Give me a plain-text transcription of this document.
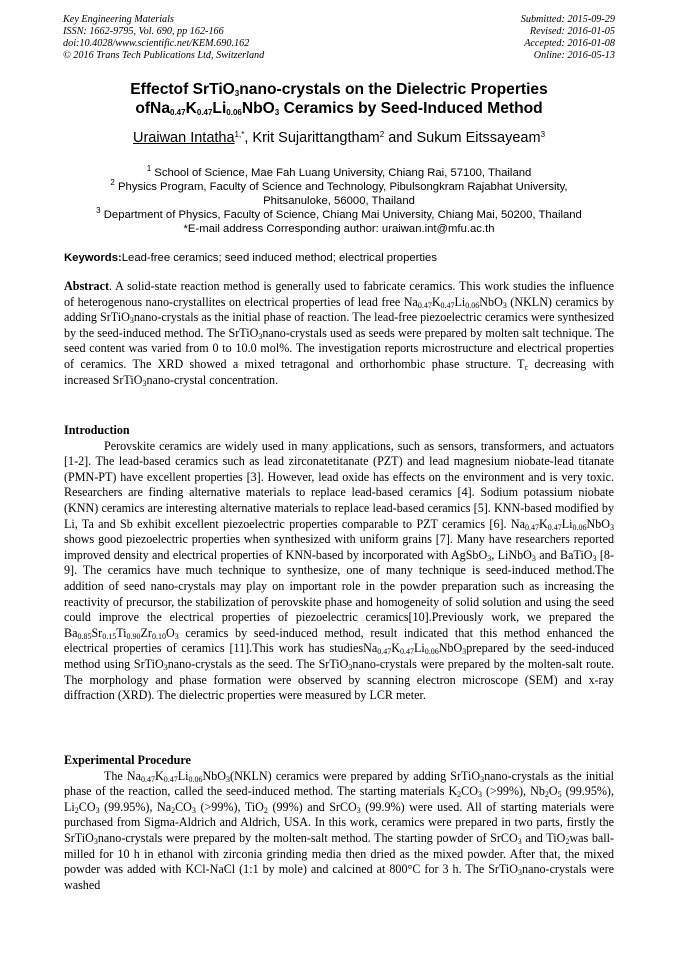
Key Engineering Materials
ISSN: 1662-9795, Vol. 690, pp 162-166
doi:10.4028/www.scientific.net/KEM.690.162
© 2016 Trans Tech Publications Ltd, Switzerland
Submitted: 2015-09-29
Revised: 2016-01-05
Accepted: 2016-01-08
Online: 2016-05-13
Effectof SrTiO$_3$nano-crystals on the Dielectric Properties
$ofNa_{0.47}K_{0.47}Li_{0.06}NbO_3$ Ceramics by Seed-Induced Method
Uraiwan Intatha$^{1,*}$, Krit Sujarittangtham$^2$ and Sukum Eitssayeam$^3$
$^1$ School of Science, Mae Fah Luang University, Chiang Rai, 57100, Thailand
$^2$ Physics Program, Faculty of Science and Technology, Pibulsongkram Rajabhat University,
Phitsanuloke, 56000, Thailand
$^3$ Department of Physics, Faculty of Science, Chiang Mai University, Chiang Mai, 50200, Thailand
*E-mail address Corresponding author: uraiwan.int@mfu.ac.th
Keywords:Lead-free ceramics; seed induced method; electrical properties

Abstract. A solid-state reaction method is generally used to fabricate ceramics. This work studies the influence of heterogenous nano-crystallites on electrical properties of lead free $Na_{0.47}K_{0.47}Li_{0.06}NbO_3$ (NKLN) ceramics by adding SrTiO$_3$nano-crystals as the initial phase of reaction. The lead-free piezoelectric ceramics were synthesized by the seed-induced method. The SrTiO$_3$nano-crystals used as seeds were prepared by molten salt technique. The seed content was varied from 0 to 10.0 mol%. The investigation reports microstructure and electrical properties of ceramics. The XRD showed a mixed tetragonal and orthorhombic phase structure. $T_c$ decreasing with increased SrTiO$_3$nano-crystal concentration.

Introduction

Perovskite ceramics are widely used in many applications, such as sensors, transformers, and actuators [1-2]. The lead-based ceramics such as lead zirconatetitanate (PZT) and lead magnesium niobate-lead titanate (PMN-PT) have excellent properties [3]. However, lead oxide has effects on the environment and is very toxic. Researchers are finding alternative materials to replace lead-based ceramics [4]. Sodium potassium niobate (KNN) ceramics are interesting alternative materials to replace lead-based ceramics [5]. KNN-based modified by Li, Ta and Sb exhibit excellent piezoelectric properties comparable to PZT ceramics [6]. $Na_{0.47}K_{0.47}Li_{0.06}NbO_3$ shows good piezoelectric properties when synthesized with uniform grains [7]. Many have researchers reported improved density and electrical properties of KNN-based by incorporated with AgSbO$_3$, LiNbO$_3$ and BaTiO$_3$ [8-9]. The ceramics have much technique to synthesize, one of many technique is seed-induced method.The addition of seed nano-crystals may play on important role in the powder preparation such as increasing the reactivity of precursor, the stabilization of perovskite phase and homogeneity of solid solution and using the seed could improve the electrical properties of piezoelectric ceramics[10].Previously work, we prepared the $Ba_{0.85}Sr_{0.15}Ti_{0.90}Zr_{0.10}O_3$ ceramics by seed-induced method, result indicated that this method enhanced the electrical properties of ceramics [11].This work has $studiesNa_{0.47}K_{0.47}Li_{0.06}NbO_3prepared$ by the seed-induced method using SrTiO$_3$nano-crystals as the seed. The SrTiO$_3$nano-crystals were prepared by the molten-salt route. The morphology and phase formation were observed by scanning electron microscope (SEM) and x-ray diffraction (XRD). The dielectric properties were measured by LCR meter.

Experimental Procedure

The $Na_{0.47}K_{0.47}Li_{0.06}NbO_3(NKLN)$ ceramics were prepared by adding SrTiO$_3$nano-crystals as the initial phase of the reaction, called the seed-induced method. The starting materials $K_2CO_3$ (>99%), $Nb_2O_5$ (99.95%), $Li_2CO_3$ (99.95%), $Na_2CO_3$ (>99%), TiO$_2$ (99%) and SrCO$_3$ (99.9%) were used. All of starting materials were purchased from Sigma-Aldrich and Aldrich, USA. In this work, ceramics were prepared in two parts, firstly the SrTiO$_3$nano-crystals were prepared by the molten-salt method. The starting powder of SrCO$_3$ and TiO$_2$was ball-milled for 10 h in ethanol with zirconia grinding media then dried as the mixed powder. After that, the mixed powder was added with KCl-NaCl (1:1 by mole) and calcined at 800°C for 3 h. The SrTiO$_3$nano-crystals were washed
